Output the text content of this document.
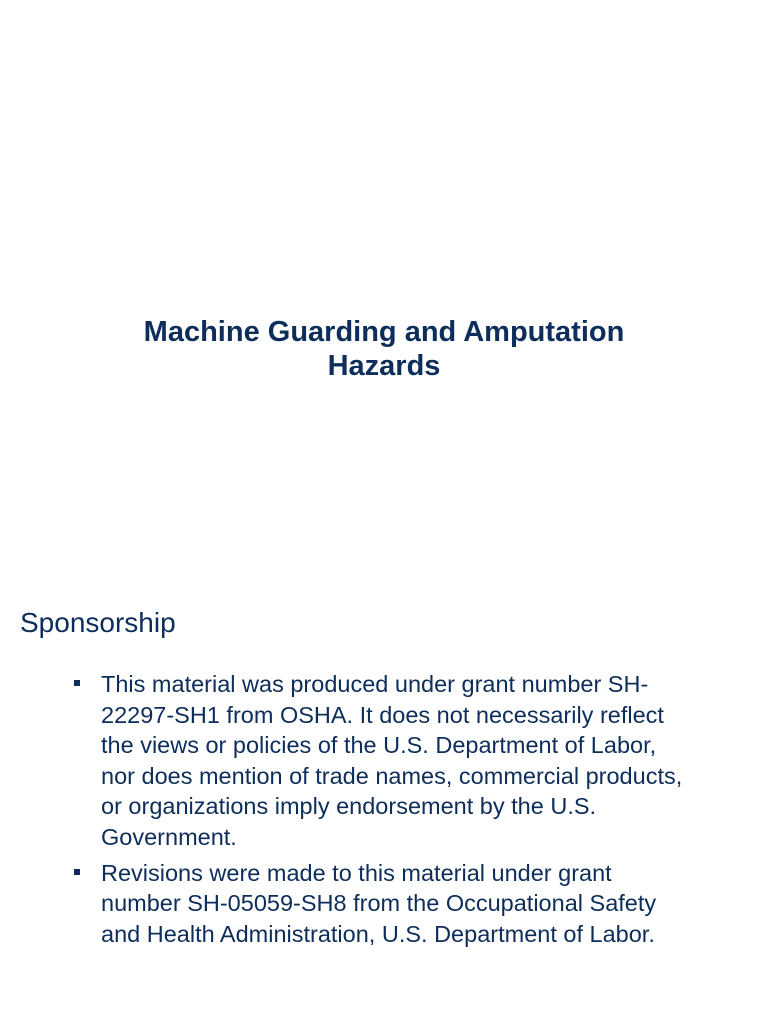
Machine Guarding and Amputation Hazards
Sponsorship
This material was produced under grant number SH-22297-SH1 from OSHA. It does not necessarily reflect the views or policies of the U.S. Department of Labor, nor does mention of trade names, commercial products, or organizations imply endorsement by the U.S. Government.
Revisions were made to this material under grant number SH-05059-SH8 from the Occupational Safety and Health Administration, U.S. Department of Labor.
